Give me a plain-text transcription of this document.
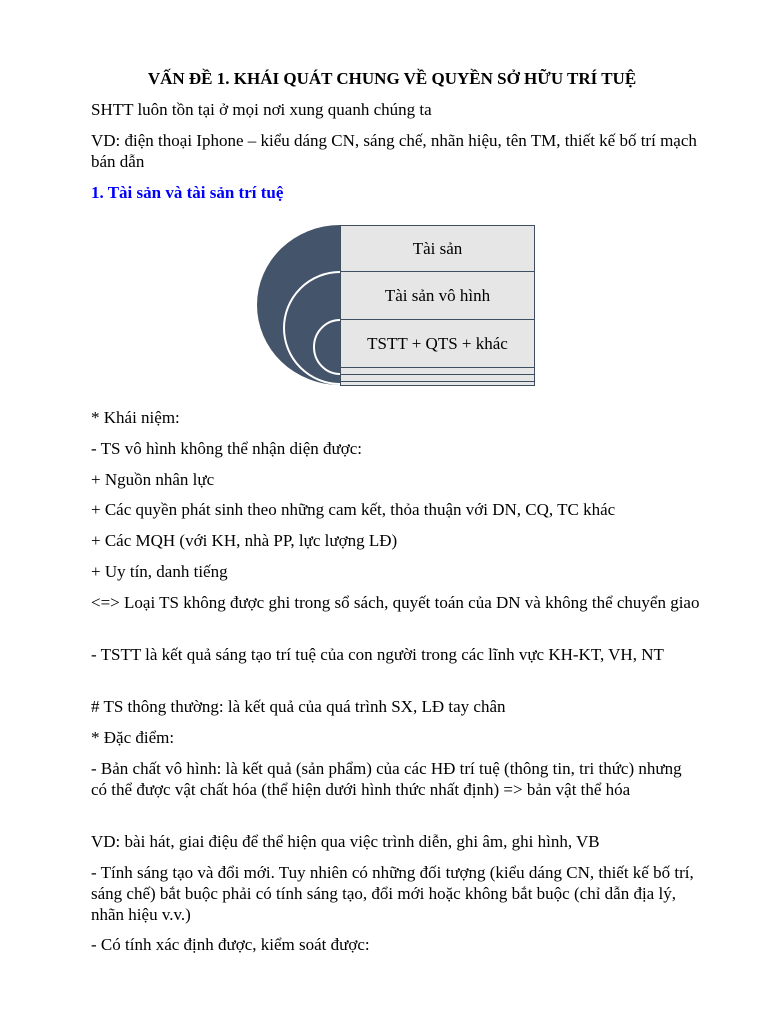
VẤN ĐỀ 1. KHÁI QUÁT CHUNG VỀ QUYỀN SỞ HỮU TRÍ TUỆ

SHTT luôn tồn tại ở mọi nơi xung quanh chúng ta

VD: điện thoại Iphone – kiểu dáng CN, sáng chế, nhãn hiệu, tên TM, thiết kế bố trí mạch bán dẫn

1. Tài sản và tài sản trí tuệ

Tài sản
Tài sản vô hình
TSTT + QTS + khác

* Khái niệm:

- TS vô hình không thể nhận diện được:

+ Nguồn nhân lực

+ Các quyền phát sinh theo những cam kết, thỏa thuận với DN, CQ, TC khác

+ Các MQH (với KH, nhà PP, lực lượng LĐ)

+ Uy tín, danh tiếng

<=> Loại TS không được ghi trong sổ sách, quyết toán của DN và không thể chuyển giao

- TSTT là kết quả sáng tạo trí tuệ của con người trong các lĩnh vực KH-KT, VH, NT

# TS thông thường: là kết quả của quá trình SX, LĐ tay chân

* Đặc điểm:

- Bản chất vô hình: là kết quả (sản phẩm) của các HĐ trí tuệ (thông tin, tri thức) nhưng có thể được vật chất hóa (thể hiện dưới hình thức nhất định) => bản vật thể hóa

VD: bài hát, giai điệu để thể hiện qua việc trình diễn, ghi âm, ghi hình, VB

- Tính sáng tạo và đổi mới. Tuy nhiên có những đối tượng (kiểu dáng CN, thiết kế bố trí, sáng chế) bắt buộc phải có tính sáng tạo, đổi mới hoặc không bắt buộc (chỉ dẫn địa lý, nhãn hiệu v.v.)

- Có tính xác định được, kiểm soát được:
